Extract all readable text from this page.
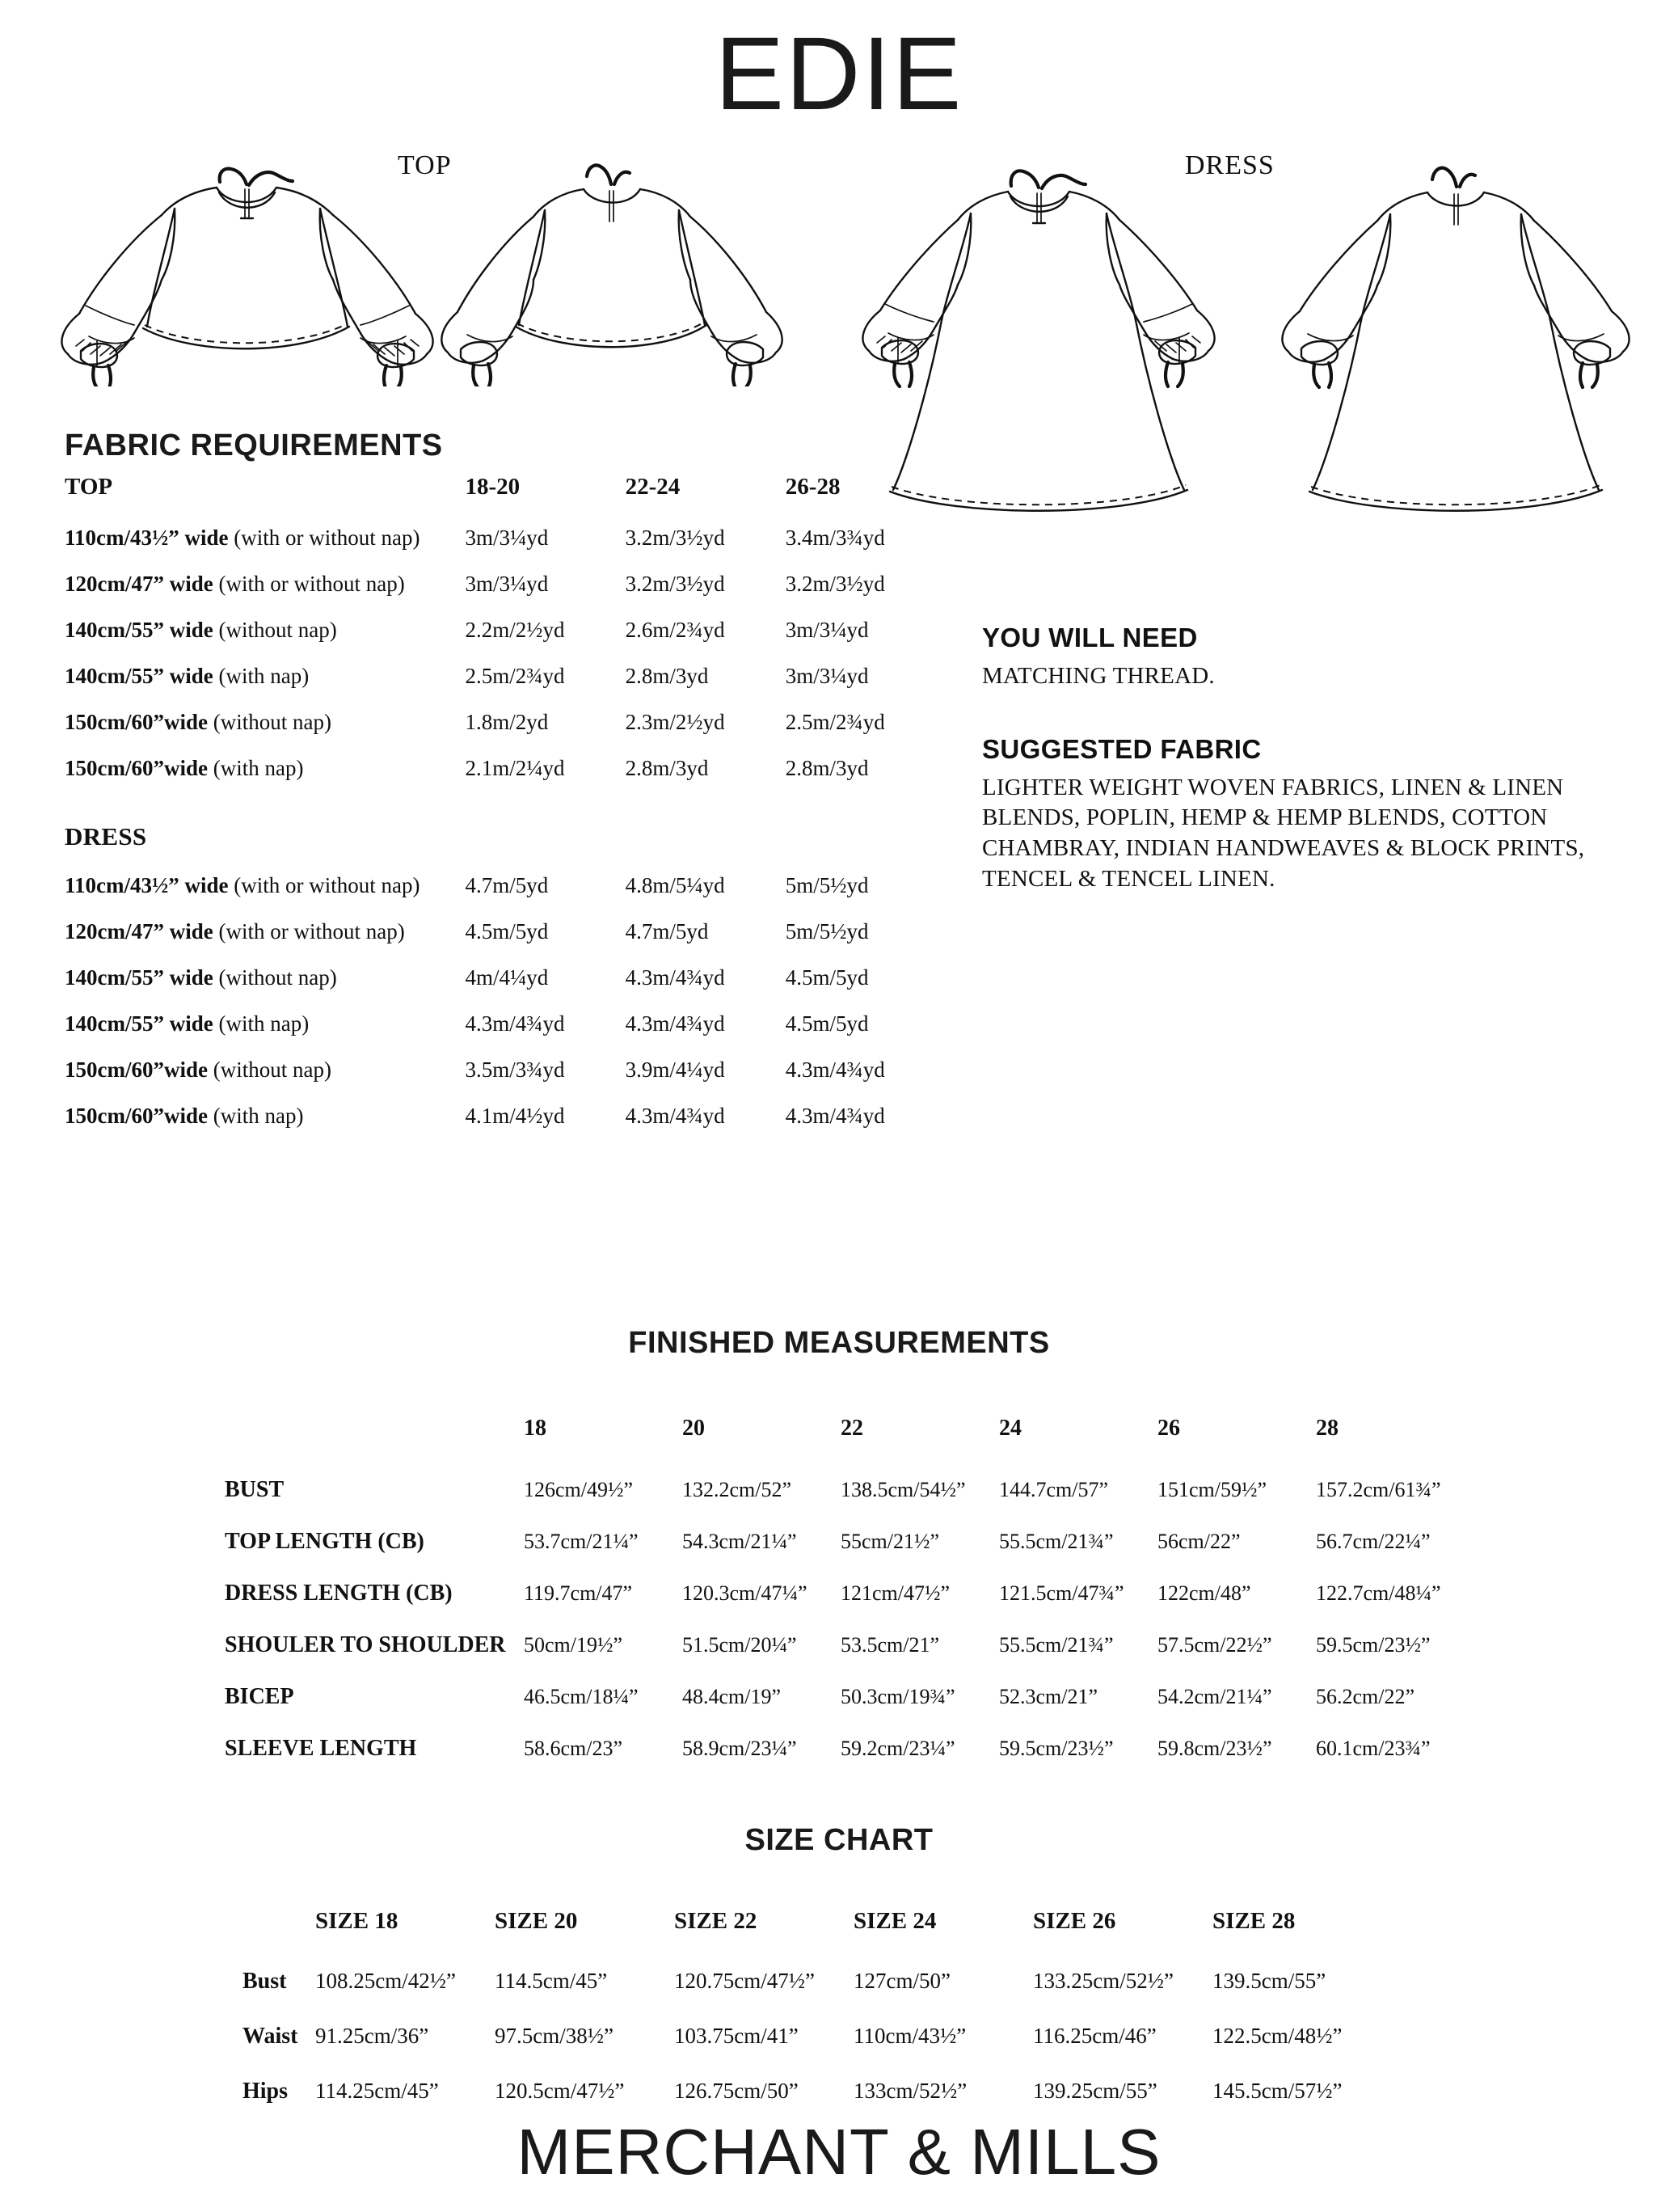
EDIE
TOP	DRESS
FABRIC REQUIREMENTS
TOP	18-20	22-24	26-28
110cm/43½” wide (with or without nap)	3m/3¼yd	3.2m/3½yd	3.4m/3¾yd
120cm/47” wide (with or without nap)	3m/3¼yd	3.2m/3½yd	3.2m/3½yd
140cm/55” wide (without nap)	2.2m/2½yd	2.6m/2¾yd	3m/3¼yd
140cm/55” wide (with nap)	2.5m/2¾yd	2.8m/3yd	3m/3¼yd
150cm/60”wide (without nap)	1.8m/2yd	2.3m/2½yd	2.5m/2¾yd
150cm/60”wide (with nap)	2.1m/2¼yd	2.8m/3yd	2.8m/3yd
DRESS
110cm/43½” wide (with or without nap)	4.7m/5yd	4.8m/5¼yd	5m/5½yd
120cm/47” wide (with or without nap)	4.5m/5yd	4.7m/5yd	5m/5½yd
140cm/55” wide (without nap)	4m/4¼yd	4.3m/4¾yd	4.5m/5yd
140cm/55” wide (with nap)	4.3m/4¾yd	4.3m/4¾yd	4.5m/5yd
150cm/60”wide (without nap)	3.5m/3¾yd	3.9m/4¼yd	4.3m/4¾yd
150cm/60”wide (with nap)	4.1m/4½yd	4.3m/4¾yd	4.3m/4¾yd
YOU WILL NEED

MATCHING THREAD.

SUGGESTED FABRIC

LIGHTER WEIGHT WOVEN FABRICS, LINEN & LINEN BLENDS, POPLIN, HEMP & HEMP BLENDS, COTTON CHAMBRAY, INDIAN HANDWEAVES & BLOCK PRINTS, TENCEL & TENCEL LINEN.

FINISHED MEASUREMENTS
	18	20	22	24	26	28
BUST	126cm/49½”	132.2cm/52”	138.5cm/54½”	144.7cm/57”	151cm/59½”	157.2cm/61¾”
TOP LENGTH (CB)	53.7cm/21¼”	54.3cm/21¼”	55cm/21½”	55.5cm/21¾”	56cm/22”	56.7cm/22¼”
DRESS LENGTH (CB)	119.7cm/47”	120.3cm/47¼”	121cm/47½”	121.5cm/47¾”	122cm/48”	122.7cm/48¼”
SHOULER TO SHOULDER	50cm/19½”	51.5cm/20¼”	53.5cm/21”	55.5cm/21¾”	57.5cm/22½”	59.5cm/23½”
BICEP	46.5cm/18¼”	48.4cm/19”	50.3cm/19¾”	52.3cm/21”	54.2cm/21¼”	56.2cm/22”
SLEEVE LENGTH	58.6cm/23”	58.9cm/23¼”	59.2cm/23¼”	59.5cm/23½”	59.8cm/23½”	60.1cm/23¾”
SIZE CHART
	SIZE 18	SIZE 20	SIZE 22	SIZE 24	SIZE 26	SIZE 28
Bust	108.25cm/42½”	114.5cm/45”	120.75cm/47½”	127cm/50”	133.25cm/52½”	139.5cm/55”
Waist	91.25cm/36”	97.5cm/38½”	103.75cm/41”	110cm/43½”	116.25cm/46”	122.5cm/48½”
Hips	114.25cm/45”	120.5cm/47½”	126.75cm/50”	133cm/52½”	139.25cm/55”	145.5cm/57½”
MERCHANT & MILLS
